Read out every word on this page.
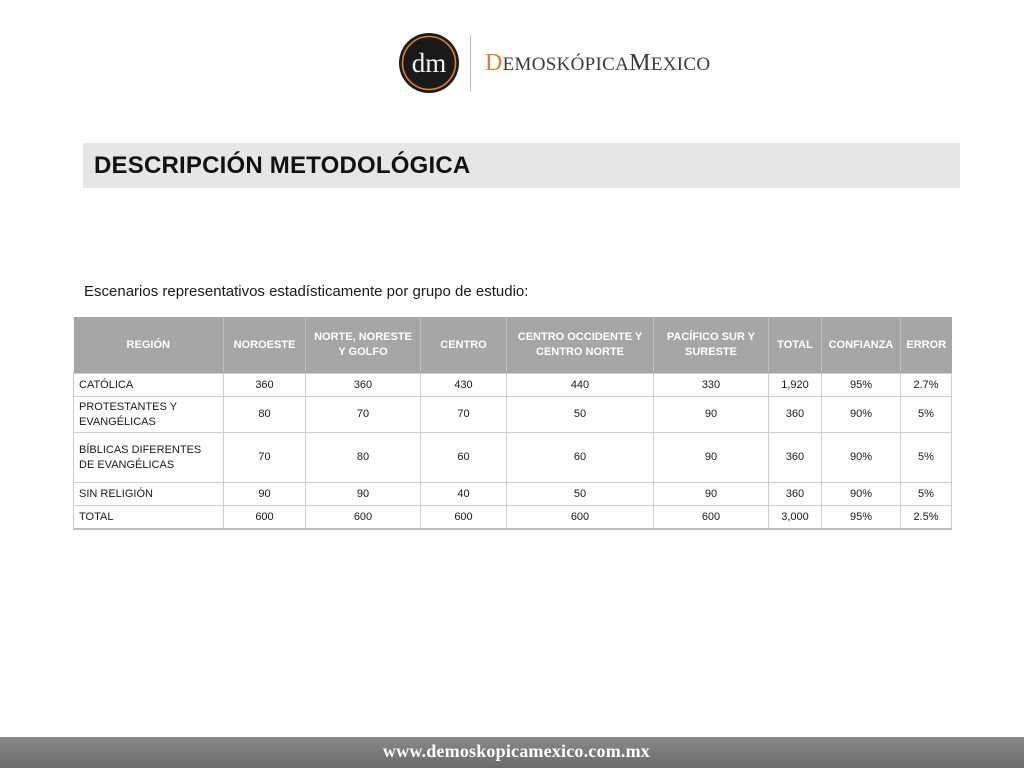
dm DEMOSKÓPICAMEXICO
DESCRIPCIÓN METODOLÓGICA
Escenarios representativos estadísticamente por grupo de estudio:
REGIÓN	NOROESTE	NORTE, NORESTE Y GOLFO	CENTRO	CENTRO OCCIDENTE Y CENTRO NORTE	PACÍFICO SUR Y SURESTE	TOTAL	CONFIANZA	ERROR
CATÓLICA	360	360	430	440	330	1,920	95%	2.7%
PROTESTANTES Y EVANGÉLICAS	80	70	70	50	90	360	90%	5%
BÍBLICAS DIFERENTES DE EVANGÉLICAS	70	80	60	60	90	360	90%	5%
SIN RELIGIÓN	90	90	40	50	90	360	90%	5%
TOTAL	600	600	600	600	600	3,000	95%	2.5%
www.demoskopicamexico.com.mx
